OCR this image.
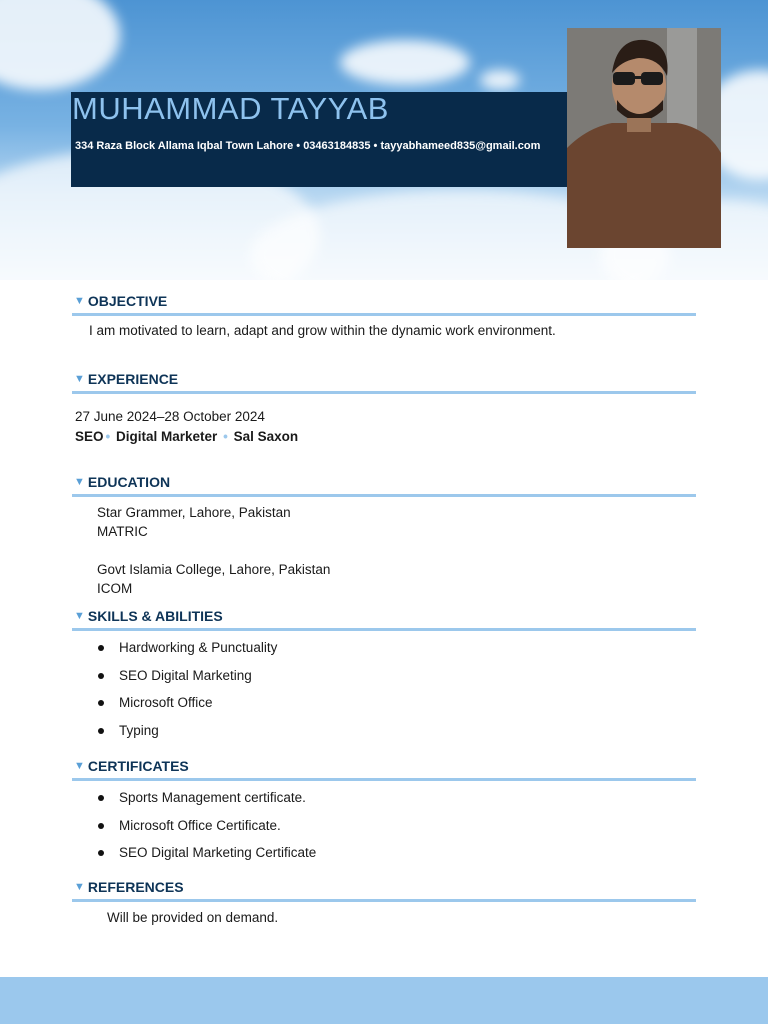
MUHAMMAD TAYYAB
334 Raza Block Allama Iqbal Town Lahore • 03463184835 • tayyabhameed835@gmail.com
▼ OBJECTIVE
I am motivated to learn, adapt and grow within the dynamic work environment.
▼ EXPERIENCE
27 June 2024–28 October 2024
SEO • Digital Marketer • Sal Saxon
▼ EDUCATION
Star Grammer, Lahore, Pakistan
MATRIC
Govt Islamia College, Lahore, Pakistan
ICOM
▼ SKILLS & ABILITIES
Hardworking & Punctuality
SEO Digital Marketing
Microsoft Office
Typing
▼ CERTIFICATES
Sports Management certificate.
Microsoft Office Certificate.
SEO Digital Marketing Certificate
▼ REFERENCES
Will be provided on demand.
